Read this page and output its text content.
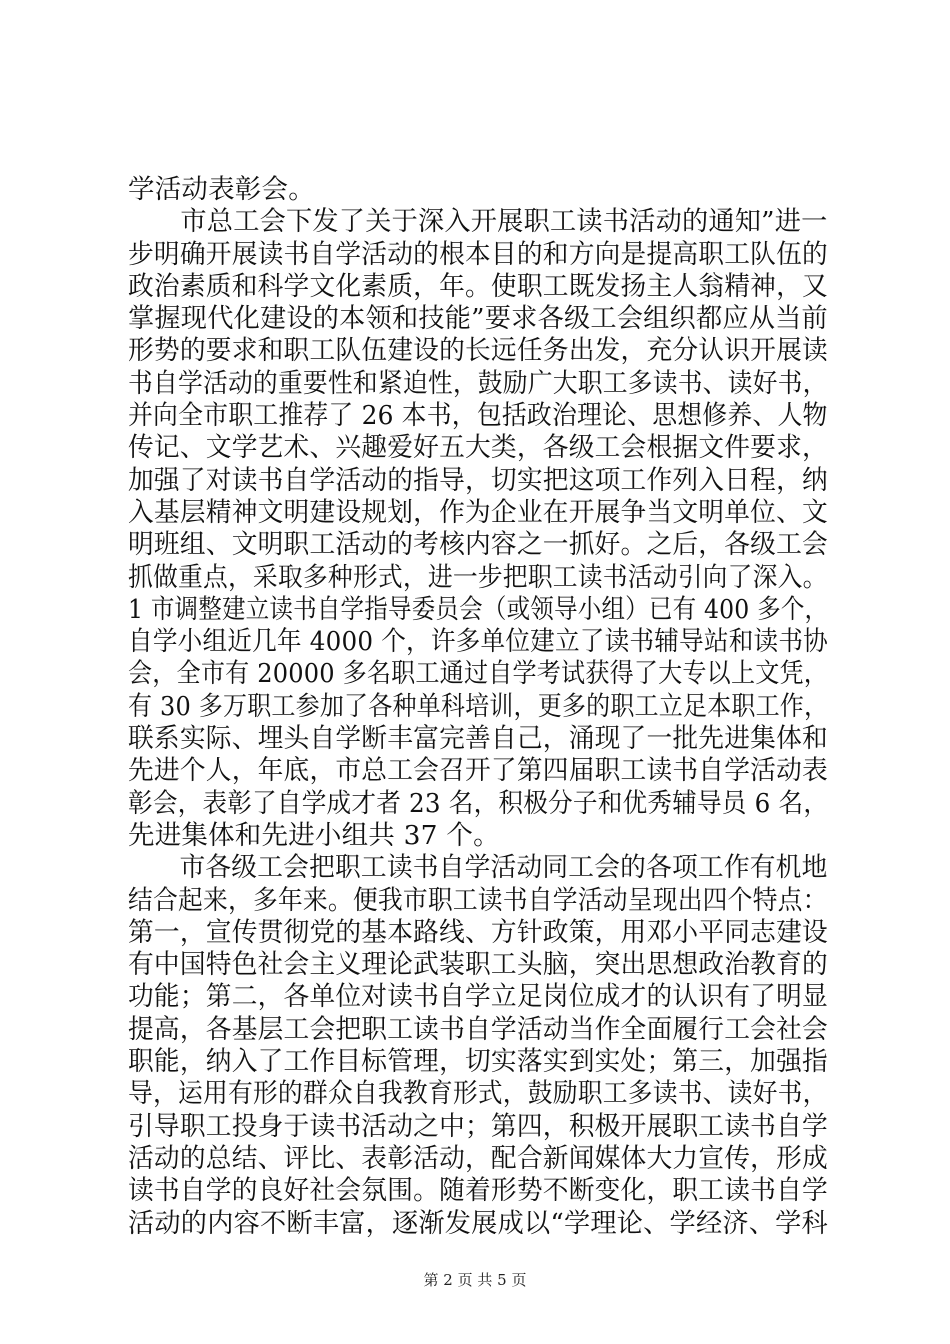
学活动表彰会。
市总工会下发了关于深入开展职工读书活动的通知”进一
步明确开展读书自学活动的根本目的和方向是提高职工队伍的
政治素质和科学文化素质，年。使职工既发扬主人翁精神，又
掌握现代化建设的本领和技能”要求各级工会组织都应从当前
形势的要求和职工队伍建设的长远任务出发，充分认识开展读
书自学活动的重要性和紧迫性，鼓励广大职工多读书、读好书，
并向全市职工推荐了 26 本书，包括政治理论、思想修养、人物
传记、文学艺术、兴趣爱好五大类，各级工会根据文件要求，
加强了对读书自学活动的指导，切实把这项工作列入日程，纳
入基层精神文明建设规划，作为企业在开展争当文明单位、文
明班组、文明职工活动的考核内容之一抓好。之后，各级工会
抓做重点，采取多种形式，进一步把职工读书活动引向了深入。
1 市调整建立读书自学指导委员会（或领导小组）已有 400 多个，
自学小组近几年 4000 个，许多单位建立了读书辅导站和读书协
会，全市有 20000 多名职工通过自学考试获得了大专以上文凭，
有 30 多万职工参加了各种单科培训，更多的职工立足本职工作，
联系实际、埋头自学断丰富完善自己，涌现了一批先进集体和
先进个人，年底，市总工会召开了第四届职工读书自学活动表
彰会，表彰了自学成才者 23 名，积极分子和优秀辅导员 6 名，
先进集体和先进小组共 37 个。
市各级工会把职工读书自学活动同工会的各项工作有机地
结合起来，多年来。便我市职工读书自学活动呈现出四个特点：
第一，宣传贯彻党的基本路线、方针政策，用邓小平同志建设
有中国特色社会主义理论武装职工头脑，突出思想政治教育的
功能；第二，各单位对读书自学立足岗位成才的认识有了明显
提高，各基层工会把职工读书自学活动当作全面履行工会社会
职能，纳入了工作目标管理，切实落实到实处；第三，加强指
导，运用有形的群众自我教育形式，鼓励职工多读书、读好书，
引导职工投身于读书活动之中；第四，积极开展职工读书自学
活动的总结、评比、表彰活动，配合新闻媒体大力宣传，形成
读书自学的良好社会氛围。随着形势不断变化，职工读书自学
活动的内容不断丰富，逐渐发展成以“学理论、学经济、学科
第 2 页 共 5 页
